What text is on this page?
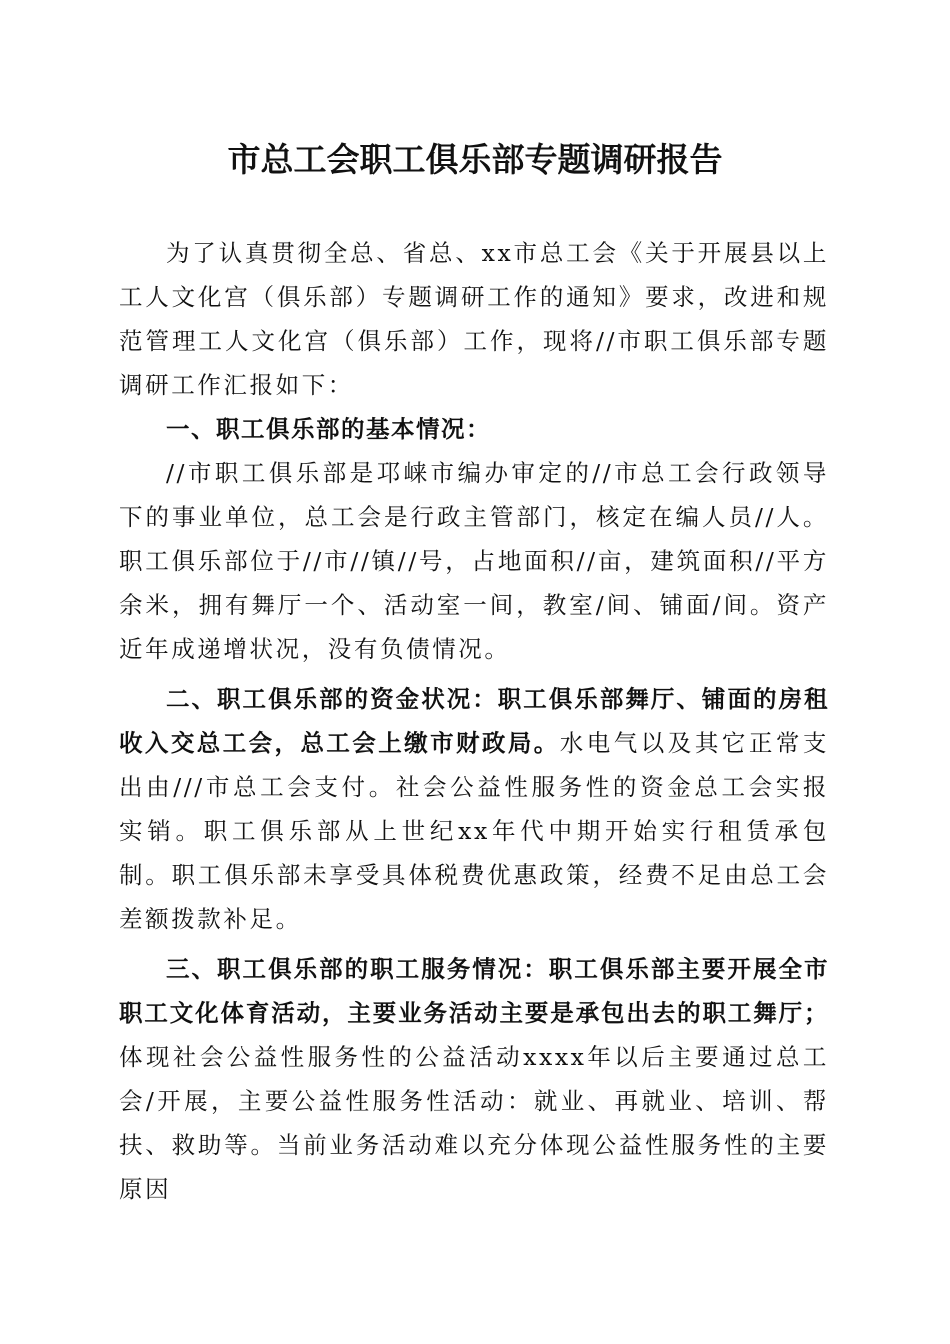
市总工会职工俱乐部专题调研报告

为了认真贯彻全总、省总、xx市总工会《关于开展县以上工人文化宫（俱乐部）专题调研工作的通知》要求，改进和规范管理工人文化宫（俱乐部）工作，现将//市职工俱乐部专题调研工作汇报如下：

一、职工俱乐部的基本情况：

//市职工俱乐部是邛崃市编办审定的//市总工会行政领导下的事业单位，总工会是行政主管部门，核定在编人员//人。职工俱乐部位于//市//镇//号，占地面积//亩，建筑面积//平方余米，拥有舞厅一个、活动室一间，教室/间、铺面/间。资产近年成递增状况，没有负债情况。

二、职工俱乐部的资金状况：职工俱乐部舞厅、铺面的房租收入交总工会，总工会上缴市财政局。水电气以及其它正常支出由///市总工会支付。社会公益性服务性的资金总工会实报实销。职工俱乐部从上世纪xx年代中期开始实行租赁承包制。职工俱乐部未享受具体税费优惠政策，经费不足由总工会差额拨款补足。

三、职工俱乐部的职工服务情况：职工俱乐部主要开展全市职工文化体育活动，主要业务活动主要是承包出去的职工舞厅；体现社会公益性服务性的公益活动xxxx年以后主要通过总工会/开展，主要公益性服务性活动：就业、再就业、培训、帮扶、救助等。当前业务活动难以充分体现公益性服务性的主要原因
